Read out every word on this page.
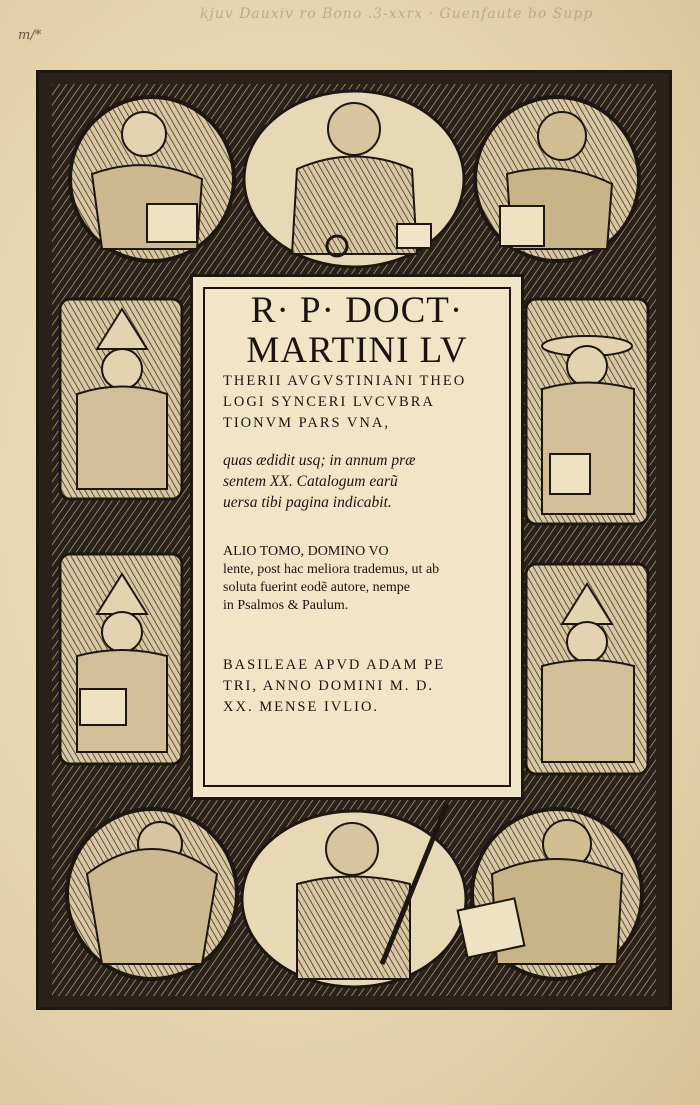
m/*
kjuv Dauxiv ro Bono .3-xxrx · Guenfaute bo Supp
R· P· DOCT·
MARTINI LV
THERII AVGVSTINIANI THEO
LOGI SYNCERI LVCVBRA
TIONVM PARS VNA,
quas ædidit usq; in annum præ
sentem XX. Catalogum earũ
uersa tibi pagina indicabit.
ALIO TOMO, DOMINO VO
lente, post hac meliora trademus, ut ab
soluta fuerint eodẽ autore, nempe
in Psalmos & Paulum.
BASILEAE APVD ADAM PE
TRI, ANNO DOMINI M. D.
XX. MENSE IVLIO.
